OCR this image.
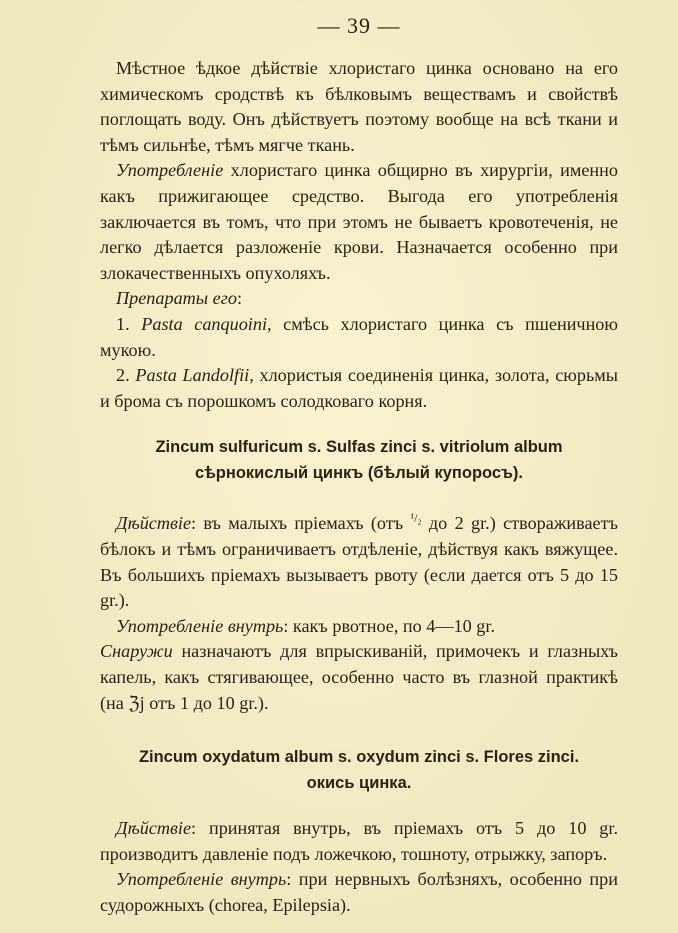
— 39 —

Мѣстное ѣдкое дѣйствіе хлористаго цинка основано на его химическомъ сродствѣ къ бѣлковымъ веществамъ и свойствѣ поглощать воду. Онъ дѣйствуетъ поэтому вообще на всѣ ткани и тѣмъ сильнѣе, тѣмъ мягче ткань.

Употребленіе хлористаго цинка общирно въ хирургіи, именно какъ прижигающее средство. Выгода его употребленія заключается въ томъ, что при этомъ не бываетъ кровотеченія, не легко дѣлается разложеніе крови. Назначается особенно при злокачественныхъ опухоляхъ.

Препараты его:

1. Pasta canquoini, смѣсь хлористаго цинка съ пшеничною мукою.

2. Pasta Landolfii, хлористыя соединенія цинка, золота, сюрьмы и брома съ порошкомъ солодковаго корня.

Zincum sulfuricum s. Sulfas zinci s. vitriolum album
сѣрнокислый цинкъ (бѣлый купоросъ).

Дѣйствіе: въ малыхъ пріемахъ (отъ $^{^1/_2}$ до 2 gr.) створаживаетъ бѣлокъ и тѣмъ ограничиваетъ отдѣленіе, дѣйствуя какъ вяжущее. Въ большихъ пріемахъ вызываетъ рвоту (если дается отъ 5 до 15 gr.).

Употребленіе внутрь: какъ рвотное, по 4—10 gr.

Снаружи назначаютъ для впрыскиваній, примочекъ и глазныхъ капель, какъ стягивающее, особенно часто въ глазной практикѣ (на ℨj отъ 1 до 10 gr.).

Zincum oxydatum album s. oxydum zinci s. Flores zinci.
окись цинка.

Дѣйствіе: принятая внутрь, въ пріемахъ отъ 5 до 10 gr. производитъ давленіе подъ ложечкою, тошноту, отрыжку, запоръ.

Употребленіе внутрь: при нервныхъ болѣзняхъ, особенно при судорожныхъ (chorea, Epilepsia).
